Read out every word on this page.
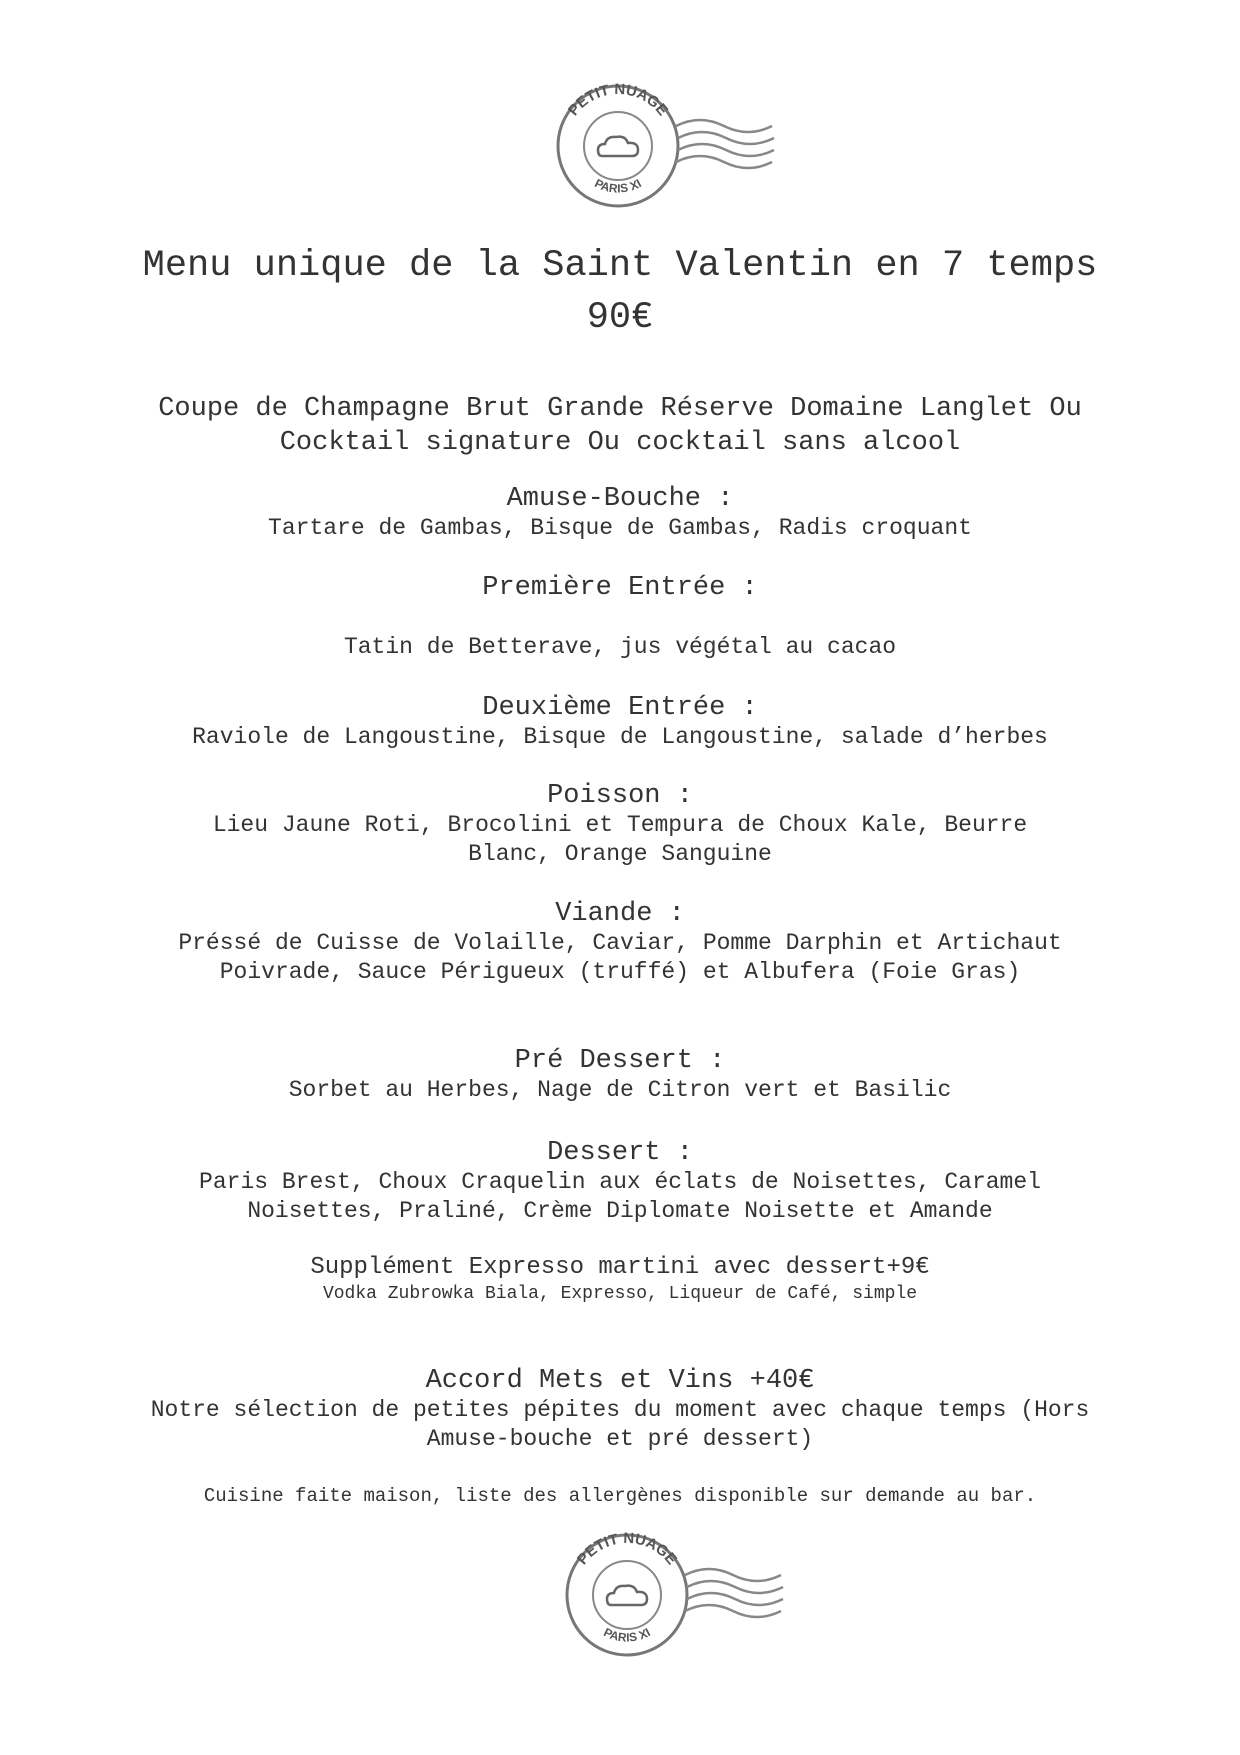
PETIT NUAGE
PARIS XI
Menu unique de la Saint Valentin en 7 temps 90€
Coupe de Champagne Brut Grande Réserve Domaine Langlet Ou Cocktail signature Ou cocktail sans alcool
Amuse-Bouche :
Tartare de Gambas, Bisque de Gambas, Radis croquant
Première Entrée :
Tatin de Betterave, jus végétal au cacao
Deuxième Entrée :
Raviole de Langoustine, Bisque de Langoustine, salade d’herbes
Poisson :
Lieu Jaune Roti, Brocolini et Tempura de Choux Kale, Beurre Blanc, Orange Sanguine
Viande :
Préssé de Cuisse de Volaille, Caviar, Pomme Darphin et Artichaut Poivrade, Sauce Périgueux (truffé) et Albufera (Foie Gras)
Pré Dessert :
Sorbet au Herbes, Nage de Citron vert et Basilic
Dessert :
Paris Brest, Choux Craquelin aux éclats de Noisettes, Caramel Noisettes, Praliné, Crème Diplomate Noisette et Amande
Supplément Expresso martini avec dessert+9€
Vodka Zubrowka Biala, Expresso, Liqueur de Café, simple
Accord Mets et Vins +40€
Notre sélection de petites pépites du moment avec chaque temps (Hors Amuse-bouche et pré dessert)
Cuisine faite maison, liste des allergènes disponible sur demande au bar.
PETIT NUAGE
PARIS XI
